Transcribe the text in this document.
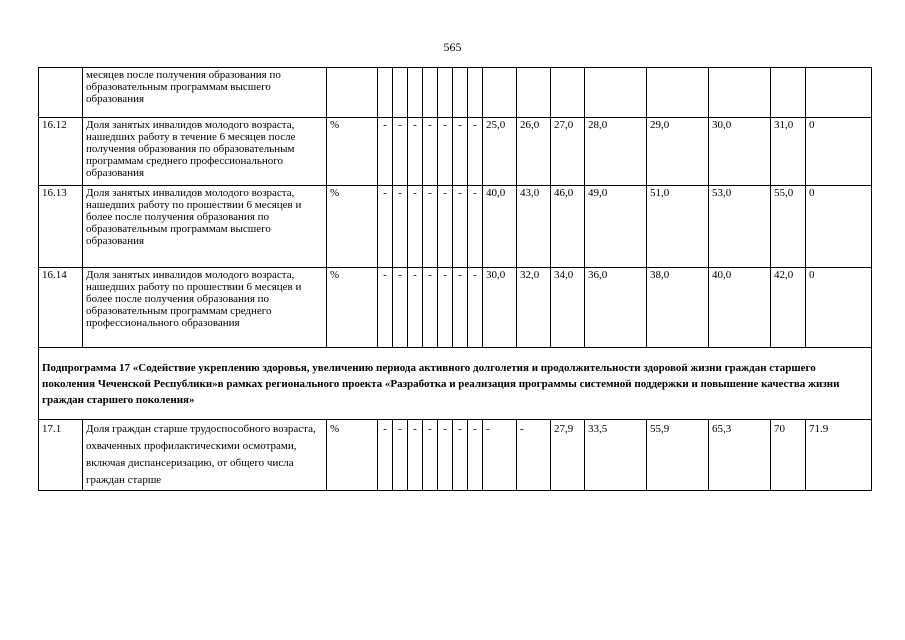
565
	месяцев после получения образования по образовательным программам высшего образования																
16.12	Доля занятых инвалидов молодого возраста, нашедших работу в течение 6 месяцев после получения образования по образовательным программам среднего профессионального образования	%	-	-	-	-	-	-	-	25,0	26,0	27,0	28,0	29,0	30,0	31,0	0
16.13	Доля занятых инвалидов молодого возраста, нашедших работу по прошествии 6 месяцев и более после получения образования по образовательным программам высшего образования	%	-	-	-	-	-	-	-	40,0	43,0	46,0	49,0	51,0	53,0	55,0	0
16.14	Доля занятых инвалидов молодого возраста, нашедших работу по прошествии 6 месяцев и более после получения образования по образовательным программам среднего профессионального образования	%	-	-	-	-	-	-	-	30,0	32,0	34,0	36,0	38,0	40,0	42,0	0
Подпрограмма 17 «Содействие укреплению здоровья, увеличению периода активного долголетия и продолжительности здоровой жизни граждан старшего поколения Чеченской Республики»в рамках регионального проекта «Разработка и реализация программы системной поддержки и повышение качества жизни граждан старшего поколения»																	
17.1	Доля граждан старше трудоспособного возраста, охваченных профилактическими осмотрами, включая диспансеризацию, от общего числа граждан старше	%	-	-	-	-	-	-	-	-	-	27,9	33,5	55,9	65,3	70	71.9
